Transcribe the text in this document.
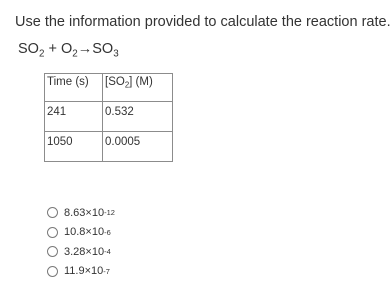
Use the information provided to calculate the reaction rate.
$SO_2 + O_2\to SO_3$
Time (s)	$[SO_2]$ (M)
241	0.532
1050	0.0005
8.63×10 -12
10.8×10 -6
3.28×10 -4
11.9×10 -7
